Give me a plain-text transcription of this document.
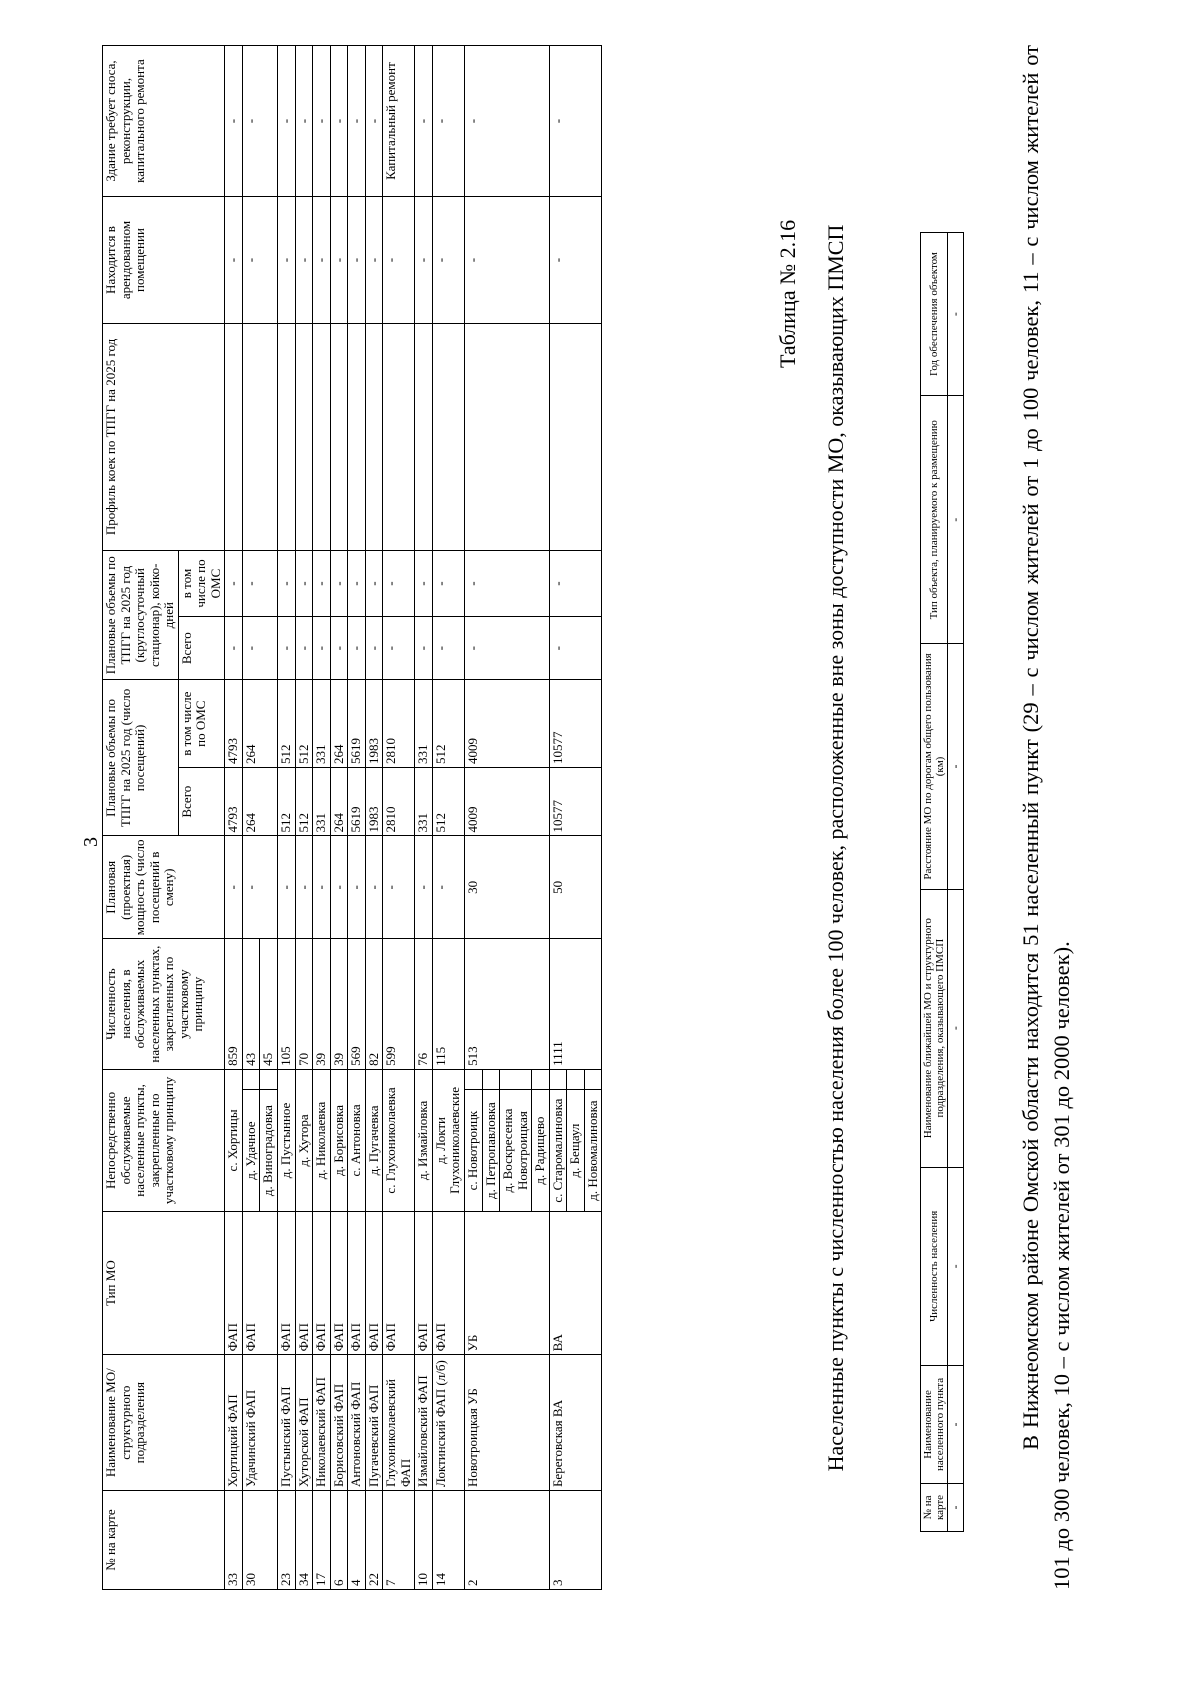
3
№ на карте	Наименование МО/ структурного подразделения	Тип МО	Непосредственно обслуживаемые населенные пункты, закрепленные по участковому принципу		Численность населения, в обслуживаемых населенных пунктах, закрепленных по участковому принципу	Плановая (проектная) мощность (число посещений в смену)	Плановые объемы по ТПГГ на 2025 год (число посещений)		Плановые объемы по ТПГГ на 2025 год (круглосуточный стационар), койко-дней		Профиль коек по ТПГГ на 2025 год	Находится в арендованном помещении	Здание требует сноса, реконструкции, капитального ремонта
							Всего	в том числе по ОМС	Всего	в том числе по ОМС			
33	Хортицкий ФАП	ФАП	с. Хортицы		859	-	4793	4793	-	-		-	-
30	Удачинский ФАП	ФАП	д. Удачное		43	-	264	264	-	-		-	-
			д. Виноградовка		45								
23	Пустынский ФАП	ФАП	д. Пустынное		105	-	512	512	-	-		-	-
34	Хуторской ФАП	ФАП	д. Хутора		70	-	512	512	-	-		-	-
17	Николаевский ФАП	ФАП	д. Николаевка		39	-	331	331	-	-		-	-
6	Борисовский ФАП	ФАП	д. Борисовка		39	-	264	264	-	-		-	-
4	Антоновский ФАП	ФАП	с. Антоновка		569	-	5619	5619	-	-		-	-
22	Пугачевский ФАП	ФАП	д. Пугачевка		82	-	1983	1983	-	-		-	-
7	Глухониколаевский ФАП	ФАП	с. Глухониколаевка		599	-	2810	2810	-	-		-	Капитальный ремонт
10	Измайловский ФАП	ФАП	д. Измайловка		76	-	331	331	-	-		-	-
14	Локтинский ФАП (л/б)	ФАП	д. Локти Глухониколаевские		115	-	512	512	-	-		-	-
2	Новотроицкая УБ	УБ	с. Новотроицк		513	30	4009	4009	-	-		-	-
			д. Петропавловка										
			д. Воскресенка Новотроицкая										
			д. Радищево										
3	Береговская ВА	ВА	с. Старомалиновка		1111	50	10577	10577	-	-		-	-
			д. Бещаул										
			д. Новомалиновка										
Таблица № 2.16 Населенные пункты с численностью населения более 100 человек, расположенные вне зоны доступности МО, оказывающих ПМСП
№ на карте	Наименование населенного пункта	Численность населения	Наименование ближайшей МО и структурного подразделения, оказывающего ПМСП	Расстояние МО по дорогам общего пользования (км)	Тип объекта, планируемого к размещению	Год обеспечения объектом
-	-	-	-	-	-	- В Нижнеомском районе Омской области находится 51 населенный пункт (29 – с числом жителей от 1 до 100 человек, 11 – с числом жителей от 101 до 300 человек, 10 – с числом жителей от 301 до 2000 человек).
